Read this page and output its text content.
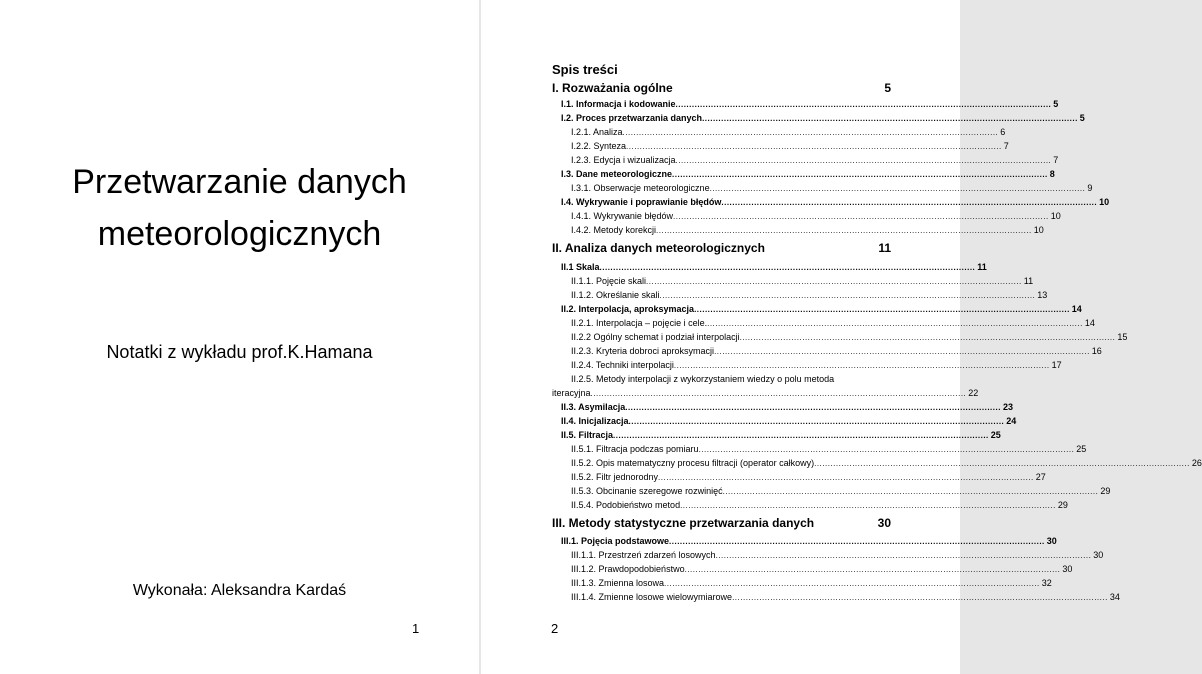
Przetwarzanie danych
meteorologicznych
Notatki z wykładu prof.K.Hamana
Wykonała: Aleksandra Kardaś
1
Spis treści
I. Rozważania ogólne	5
I.1. Informacja i kodowanie .......................................................................................................................................... 5
I.2. Proces przetwarzania danych .......................................................................................................................................... 5
I.2.1. Analiza .......................................................................................................................................... 6
I.2.2. Synteza .......................................................................................................................................... 7
I.2.3. Edycja i wizualizacja .......................................................................................................................................... 7
I.3. Dane meteorologiczne .......................................................................................................................................... 8
I.3.1. Obserwacje meteorologiczne .......................................................................................................................................... 9
I.4. Wykrywanie i poprawianie błędów .......................................................................................................................................... 10
I.4.1. Wykrywanie błędów .......................................................................................................................................... 10
I.4.2. Metody korekcji .......................................................................................................................................... 10
II. Analiza danych meteorologicznych	11
II.1 Skala .......................................................................................................................................... 11
II.1.1. Pojęcie skali .......................................................................................................................................... 11
II.1.2. Określanie skali .......................................................................................................................................... 13
II.2. Interpolacja, aproksymacja .......................................................................................................................................... 14
II.2.1. Interpolacja – pojęcie i cele. .......................................................................................................................................... 14
II.2.2 Ogólny schemat i podział interpolacji .......................................................................................................................................... 15
II.2.3. Kryteria dobroci aproksymacji .......................................................................................................................................... 16
II.2.4. Techniki interpolacji .......................................................................................................................................... 17
II.2.5. Metody interpolacji z wykorzystaniem wiedzy o polu metoda
iteracyjna .......................................................................................................................................... 22
II.3. Asymilacja .......................................................................................................................................... 23
II.4. Inicjalizacja .......................................................................................................................................... 24
II.5. Filtracja .......................................................................................................................................... 25
II.5.1. Filtracja podczas pomiaru .......................................................................................................................................... 25
II.5.2. Opis matematyczny procesu filtracji (operator całkowy) .......................................................................................................................................... 26
II.5.2. Filtr jednorodny .......................................................................................................................................... 27
II.5.3. Obcinanie szeregowe rozwinięć .......................................................................................................................................... 29
II.5.4. Podobieństwo metod .......................................................................................................................................... 29
III. Metody statystyczne przetwarzania danych	30
III.1. Pojęcia podstawowe .......................................................................................................................................... 30
III.1.1. Przestrzeń zdarzeń losowych .......................................................................................................................................... 30
III.1.2. Prawdopodobieństwo .......................................................................................................................................... 30
III.1.3. Zmienna losowa .......................................................................................................................................... 32
III.1.4. Zmienne losowe wielowymiarowe .......................................................................................................................................... 34
2
